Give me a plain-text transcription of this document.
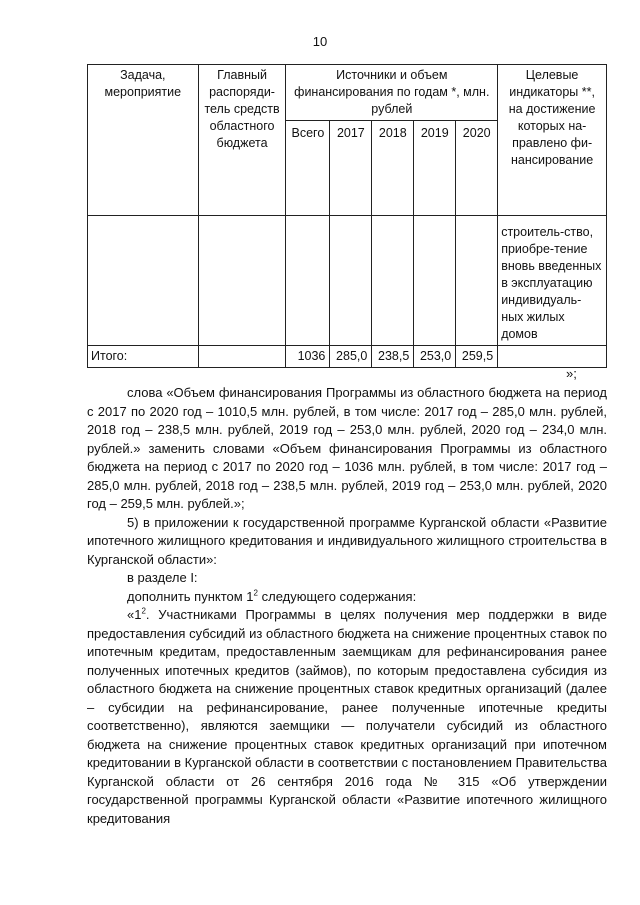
10
Задача, мероприятие	Главный распоряди-тель средств областного бюджета	Источники и объем финансирования по годам *, млн. рублей					Целевые индикаторы **, на достижение которых на-правлено фи-нансирование
		Всего	2017	2018	2019	2020	
							строитель-ство, приобре-тение вновь введенных в эксплуатацию индивидуаль-ных жилых домов
Итого:		1036	285,0	238,5	253,0	259,5	
»;

слова «Объем финансирования Программы из областного бюджета на период с 2017 по 2020 год – 1010,5 млн. рублей, в том числе: 2017 год – 285,0 млн. рублей, 2018 год – 238,5 млн. рублей, 2019 год – 253,0 млн. рублей, 2020 год – 234,0 млн. рублей.» заменить словами «Объем финансирования Программы из областного бюджета на период с 2017 по 2020 год – 1036 млн. рублей, в том числе: 2017 год – 285,0 млн. рублей, 2018 год – 238,5 млн. рублей, 2019 год – 253,0 млн. рублей, 2020 год – 259,5 млн. рублей.»;

5) в приложении к государственной программе Курганской области «Развитие ипотечного жилищного кредитования и индивидуального жилищного строительства в Курганской области»:

в разделе I:

дополнить пунктом $1^2$ следующего содержания:

«$1^2$. Участниками Программы в целях получения мер поддержки в виде предоставления субсидий из областного бюджета на снижение процентных ставок по ипотечным кредитам, предоставленным заемщикам для рефинансирования ранее полученных ипотечных кредитов (займов), по которым предоставлена субсидия из областного бюджета на снижение процентных ставок кредитных организаций (далее – субсидии на рефинансирование, ранее полученные ипотечные кредиты соответственно), являются заемщики — получатели субсидий из областного бюджета на снижение процентных ставок кредитных организаций при ипотечном кредитовании в Курганской области в соответствии с постановлением Правительства Курганской области от 26 сентября 2016 года № 315 «Об утверждении государственной программы Курганской области «Развитие ипотечного жилищного кредитования
